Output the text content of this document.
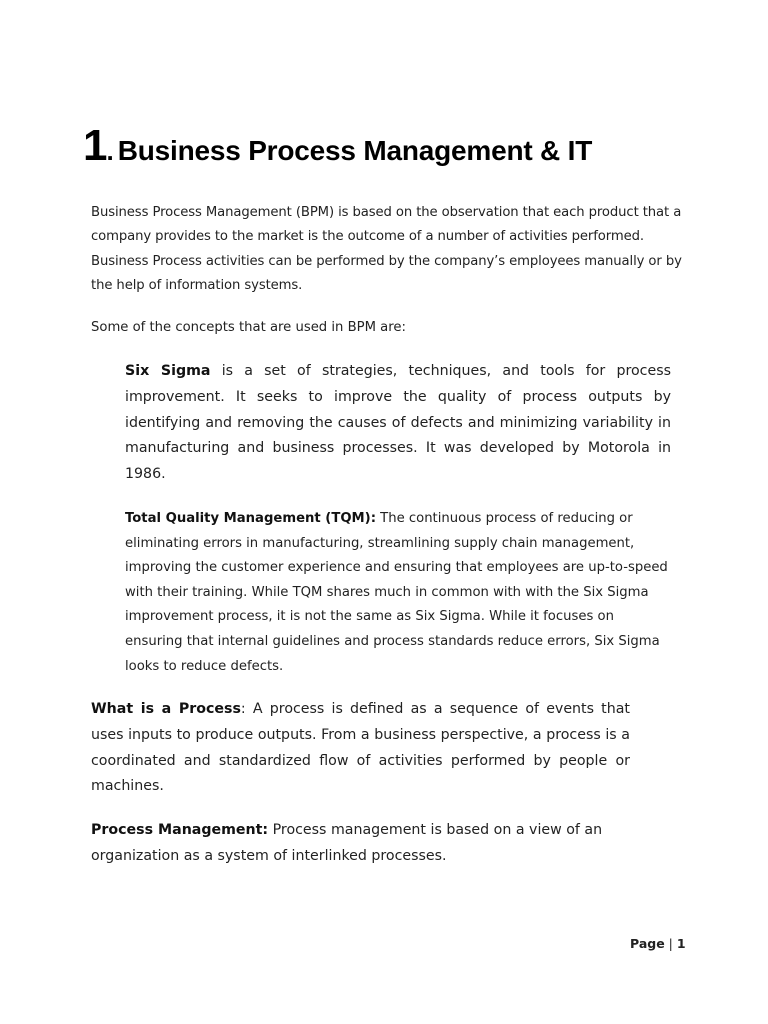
1. Business Process Management & IT

Business Process Management (BPM) is based on the observation that each product that a company provides to the market is the outcome of a number of activities performed. Business Process activities can be performed by the company’s employees manually or by the help of information systems.

Some of the concepts that are used in BPM are:

Six Sigma is a set of strategies, techniques, and tools for process improvement. It seeks to improve the quality of process outputs by identifying and removing the causes of defects and minimizing variability in manufacturing and business processes. It was developed by Motorola in 1986.

Total Quality Management (TQM): The continuous process of reducing or eliminating errors in manufacturing, streamlining supply chain management, improving the customer experience and ensuring that employees are up-to-speed with their training. While TQM shares much in common with with the Six Sigma improvement process, it is not the same as Six Sigma. While it focuses on ensuring that internal guidelines and process standards reduce errors, Six Sigma looks to reduce defects.

What is a Process: A process is defined as a sequence of events that uses inputs to produce outputs. From a business perspective, a process is a coordinated and standardized flow of activities performed by people or machines.

Process Management: Process management is based on a view of an organization as a system of interlinked processes.

Page | 1
